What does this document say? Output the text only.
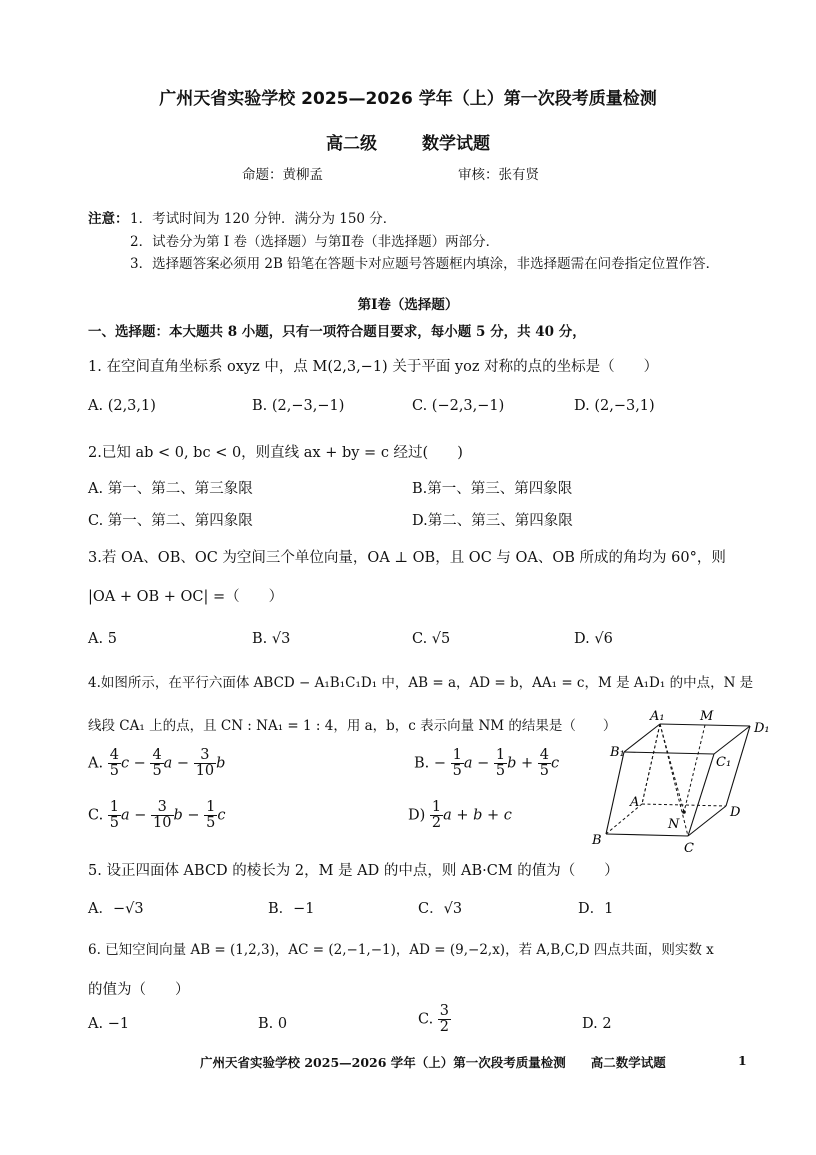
广州天省实验学校 2025—2026 学年（上）第一次段考质量检测
高二级	数学试题
命题：黄柳孟	审核：张有贤
注意： 1．考试时间为 120 分钟．满分为 150 分．
2．试卷分为第 I 卷（选择题）与第Ⅱ卷（非选择题）两部分．
3．选择题答案必须用 2B 铅笔在答题卡对应题号答题框内填涂，非选择题需在问卷指定位置作答．
第Ⅰ卷（选择题）
一、选择题：本大题共 8 小题，只有一项符合题目要求，每小题 5 分，共 40 分，
1. 在空间直角坐标系 oxyz 中，点 M(2,3,−1) 关于平面 yoz 对称的点的坐标是（　　）
A. (2,3,1)	B. (2,−3,−1)	C. (−2,3,−1)	D. (2,−3,1)
2.已知 ab < 0, bc < 0，则直线 ax + by = c 经过(　　)
A. 第一、第二、第三象限	B.第一、第三、第四象限
C. 第一、第二、第四象限	D.第二、第三、第四象限
3.若 OA、OB、OC 为空间三个单位向量，OA ⊥ OB，且 OC 与 OA、OB 所成的角均为 60°，则
|OA + OB + OC| =（　　）
A. 5	B. √3	C. √5	D. √6
4.如图所示，在平行六面体 ABCD − A₁B₁C₁D₁ 中，AB = a，AD = b，AA₁ = c，M 是 A₁D₁ 的中点，N 是
线段 CA₁ 上的点，且 CN : NA₁ = 1 : 4，用 a，b，c 表示向量 NM 的结果是（　　）
A. $\frac{4}{5}$ $c - \frac{4}{5}$ $a - \frac{3}{10}$ b	B. − $\frac{1}{5}$ $a - \frac{1}{5}$ $b + \frac{4}{5}$ c
C. $\frac{1}{5}$ $a - \frac{3}{10}$ $b - \frac{1}{5}$ c	$D) \frac{1}{2}$ a + b + c
A₁	M
D₁
B₁
C₁
A
D
N
B
C
5. 设正四面体 ABCD 的棱长为 2，M 是 AD 的中点，则 AB·CM 的值为（　　）
A．−√3	B．−1	C．√3	D．1
6. 已知空间向量 AB = (1,2,3)，AC = (2,−1,−1)，AD = (9,−2,x)，若 A,B,C,D 四点共面，则实数 x
的值为（　　）
A. −1	B. 0	C. $\frac{3}{2}$	D. 2
广州天省实验学校 2025—2026 学年（上）第一次段考质量检测　　高二数学试题	1
